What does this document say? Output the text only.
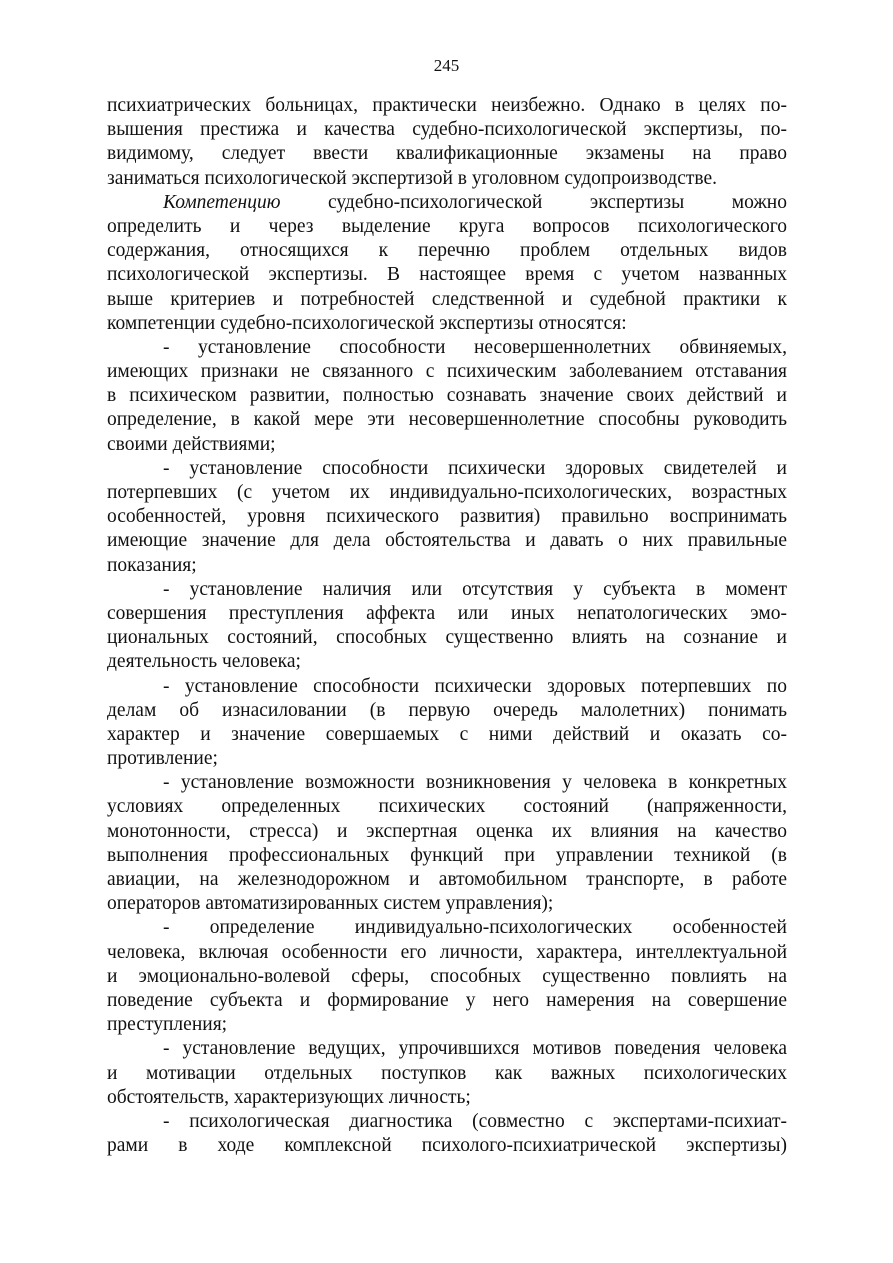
245
психиатрических больницах, практически неизбежно. Однако в целях по-
вышения престижа и качества судебно-психологической экспертизы, по-
видимому, следует ввести квалификационные экзамены на право
заниматься психологической экспертизой в уголовном судопроизводстве.
Компетенцию судебно-психологической экспертизы можно
определить и через выделение круга вопросов психологического
содержания, относящихся к перечню проблем отдельных видов
психологической экспертизы. В настоящее время с учетом названных
выше критериев и потребностей следственной и судебной практики к
компетенции судебно-психологической экспертизы относятся:
- установление способности несовершеннолетних обвиняемых,
имеющих признаки не связанного с психическим заболеванием отставания
в психическом развитии, полностью сознавать значение своих действий и
определение, в какой мере эти несовершеннолетние способны руководить
своими действиями;
- установление способности психически здоровых свидетелей и
потерпевших (с учетом их индивидуально-психологических, возрастных
особенностей, уровня психического развития) правильно воспринимать
имеющие значение для дела обстоятельства и давать о них правильные
показания;
- установление наличия или отсутствия у субъекта в момент
совершения преступления аффекта или иных непатологических эмо-
циональных состояний, способных существенно влиять на сознание и
деятельность человека;
- установление способности психически здоровых потерпевших по
делам об изнасиловании (в первую очередь малолетних) понимать
характер и значение совершаемых с ними действий и оказать со-
противление;
- установление возможности возникновения у человека в конкретных
условиях определенных психических состояний (напряженности,
монотонности, стресса) и экспертная оценка их влияния на качество
выполнения профессиональных функций при управлении техникой (в
авиации, на железнодорожном и автомобильном транспорте, в работе
операторов автоматизированных систем управления);
- определение индивидуально-психологических особенностей
человека, включая особенности его личности, характера, интеллектуальной
и эмоционально-волевой сферы, способных существенно повлиять на
поведение субъекта и формирование у него намерения на совершение
преступления;
- установление ведущих, упрочившихся мотивов поведения человека
и мотивации отдельных поступков как важных психологических
обстоятельств, характеризующих личность;
- психологическая диагностика (совместно с экспертами-психиат-
рами в ходе комплексной психолого-психиатрической экспертизы)
